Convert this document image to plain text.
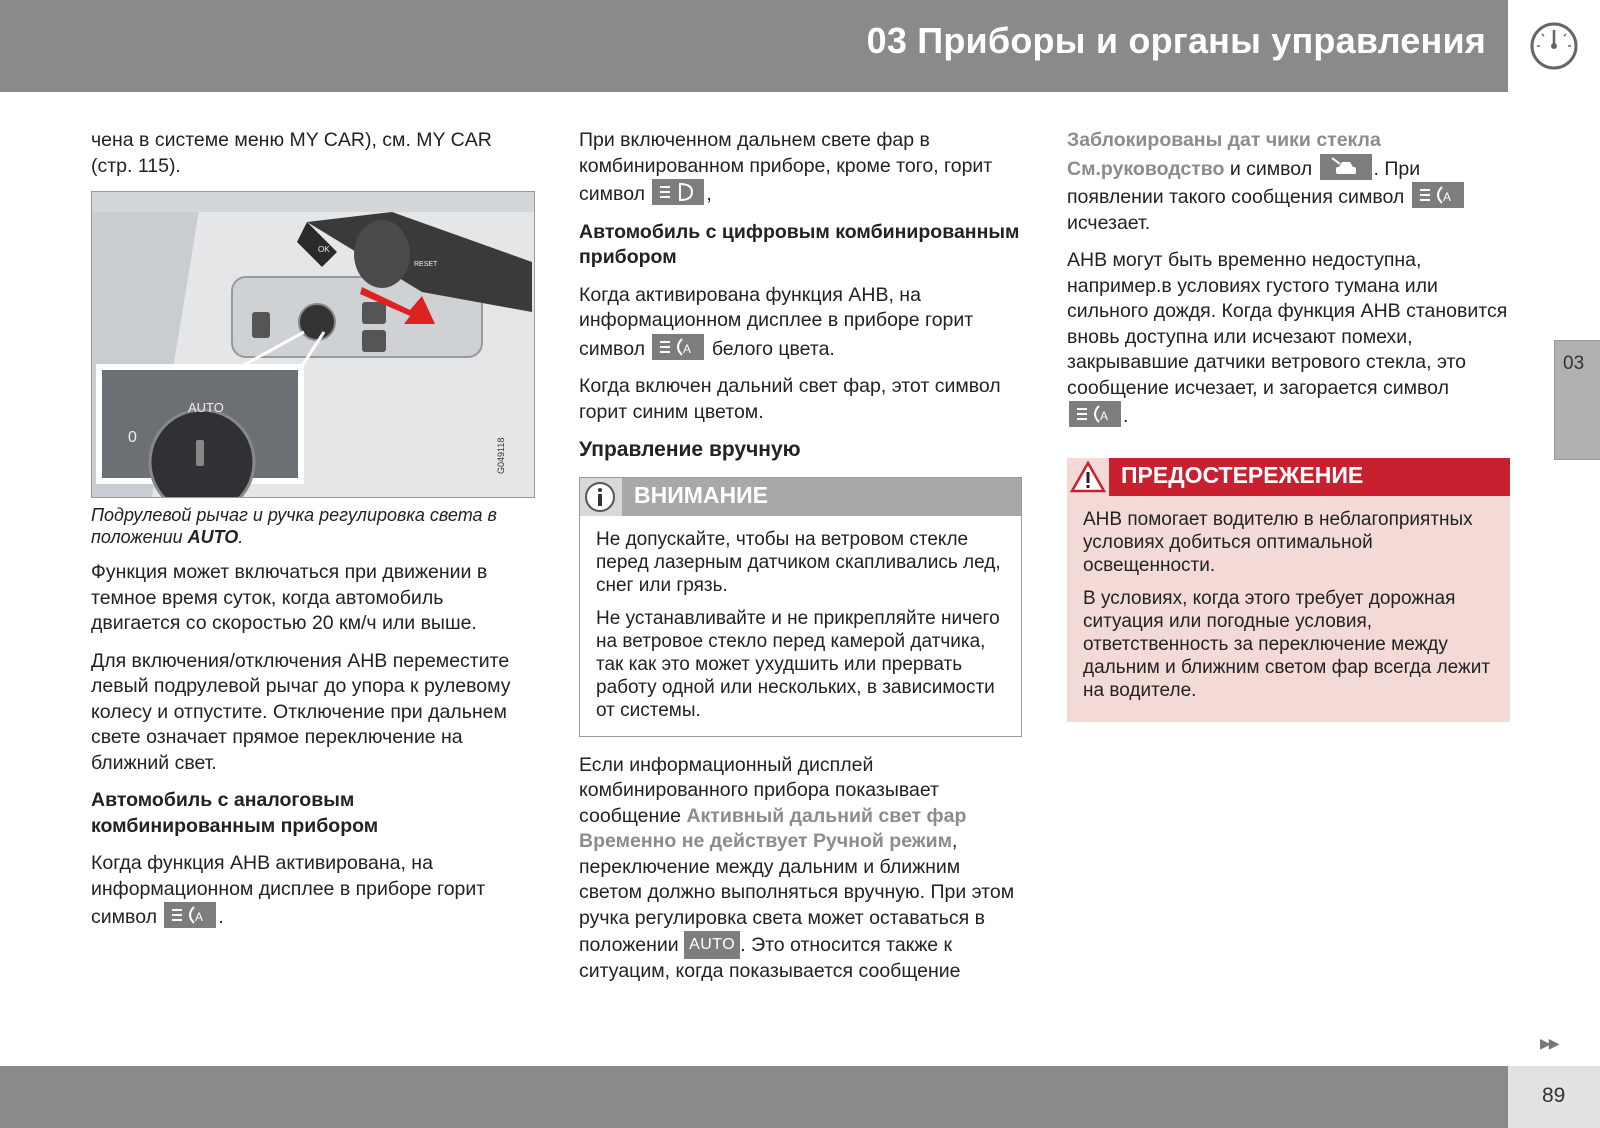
03 Приборы и органы управления
03

чена в системе меню MY CAR), см. MY CAR (стр. 115).

AUTO
0
OK
RESET
G049118

Подрулевой рычаг и ручка регулировка света в положении AUTO.

Функция может включаться при движении в темное время суток, когда автомобиль двигается со скоростью 20 км/ч или выше.

Для включения/отключения AHB переместите левый подрулевой рычаг до упора к рулевому колесу и отпустите. Отключение при дальнем свете означает прямое переключение на ближний свет.

Автомобиль с аналоговым комбинированным прибором

Когда функция AHB активирована, на информационном дисплее в приборе горит символ	A .

При включенном дальнем свете фар в комбинированном приборе, кроме того, горит символ	,

Автомобиль с цифровым комбинированным прибором

Когда активирована функция AHB, на информационном дисплее в приборе горит символ	A белого цвета.

Когда включен дальний свет фар, этот символ горит синим цветом.

Управление вручную
ВНИМАНИЕ

Не допускайте, чтобы на ветровом стекле перед лазерным датчиком скапливались лед, снег или грязь.

Не устанавливайте и не прикрепляйте ничего на ветровое стекло перед камерой датчика, так как это может ухудшить или прервать работу одной или нескольких, в зависимости от системы.

Если информационный дисплей комбинированного прибора показывает сообщение Активный дальний свет фар Временно не действует Ручной режим, переключение между дальним и ближним светом должно выполняться вручную. При этом ручка регулировка света может оставаться в положении AUTO . Это относится также к ситуацим, когда показывается сообщение

Заблокированы дат чики стекла См.руководство и символ	. При появлении такого сообщения символ	A
исчезает.

AHB могут быть временно недоступна, например.в условиях густого тумана или сильного дождя. Когда функция AHB становится вновь доступна или исчезают помехи, закрывавшие датчики ветрового стекла, это сообщение исчезает, и загорается символ
A .

ПРЕДОСТЕРЕЖЕНИЕ

AHB помогает водителю в неблагоприятных условиях добиться оптимальной освещенности.

В условиях, когда этого требует дорожная ситуация или погодные условия, ответственность за переключение между дальним и ближним светом фар всегда лежит на водителе.

▶▶
89
